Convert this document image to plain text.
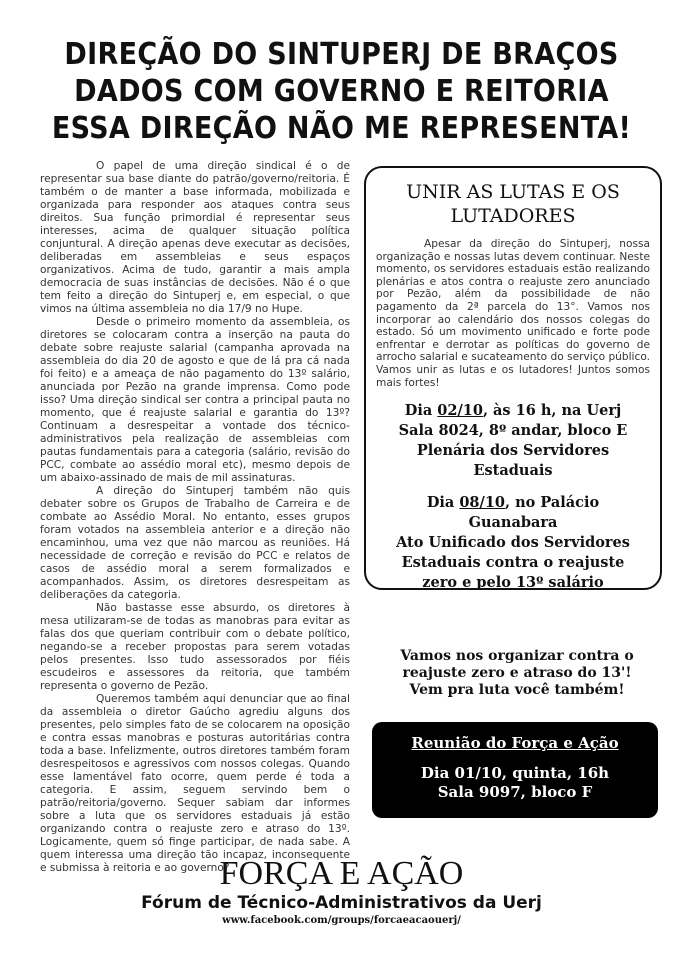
DIREÇÃO DO SINTUPERJ DE BRAÇOS
DADOS COM GOVERNO E REITORIA
ESSA DIREÇÃO NÃO ME REPRESENTA!

O papel de uma direção sindical é o de representar sua base diante do patrão/governo/reitoria. É também o de manter a base informada, mobilizada e organizada para responder aos ataques contra seus direitos. Sua função primordial é representar seus interesses, acima de qualquer situação política conjuntural. A direção apenas deve executar as decisões, deliberadas em assembleias e seus espaços organizativos. Acima de tudo, garantir a mais ampla democracia de suas instâncias de decisões. Não é o que tem feito a direção do Sintuperj e, em especial, o que vimos na última assembleia no dia 17/9 no Hupe.

Desde o primeiro momento da assembleia, os diretores se colocaram contra a inserção na pauta do debate sobre reajuste salarial (campanha aprovada na assembleia do dia 20 de agosto e que de lá pra cá nada foi feito) e a ameaça de não pagamento do 13º salário, anunciada por Pezão na grande imprensa. Como pode isso? Uma direção sindical ser contra a principal pauta no momento, que é reajuste salarial e garantia do 13º? Continuam a desrespeitar a vontade dos técnico-administrativos pela realização de assembleias com pautas fundamentais para a categoria (salário, revisão do PCC, combate ao assédio moral etc), mesmo depois de um abaixo-assinado de mais de mil assinaturas.

A direção do Sintuperj também não quis debater sobre os Grupos de Trabalho de Carreira e de combate ao Assédio Moral. No entanto, esses grupos foram votados na assembleia anterior e a direção não encaminhou, uma vez que não marcou as reuniões. Há necessidade de correção e revisão do PCC e relatos de casos de assédio moral a serem formalizados e acompanhados. Assim, os diretores desrespeitam as deliberações da categoria.

Não bastasse esse absurdo, os diretores à mesa utilizaram-se de todas as manobras para evitar as falas dos que queriam contribuir com o debate político, negando-se a receber propostas para serem votadas pelos presentes. Isso tudo assessorados por fiéis escudeiros e assessores da reitoria, que também representa o governo de Pezão.

Queremos também aqui denunciar que ao final da assembleia o diretor Gaúcho agrediu alguns dos presentes, pelo simples fato de se colocarem na oposição e contra essas manobras e posturas autoritárias contra toda a base. Infelizmente, outros diretores também foram desrespeitosos e agressivos com nossos colegas. Quando esse lamentável fato ocorre, quem perde é toda a categoria. E assim, seguem servindo bem o patrão/reitoria/governo. Sequer sabiam dar informes sobre a luta que os servidores estaduais já estão organizando contra o reajuste zero e atraso do 13º. Logicamente, quem só finge participar, de nada sabe. A quem interessa uma direção tão incapaz, inconsequente e submissa à reitoria e ao governo?

UNIR AS LUTAS E OS LUTADORES

Apesar da direção do Sintuperj, nossa organização e nossas lutas devem continuar. Neste momento, os servidores estaduais estão realizando plenárias e atos contra o reajuste zero anunciado por Pezão, além da possibilidade de não pagamento da 2ª parcela do 13°. Vamos nos incorporar ao calendário dos nossos colegas do estado. Só um movimento unificado e forte pode enfrentar e derrotar as políticas do governo de arrocho salarial e sucateamento do serviço público. Vamos unir as lutas e os lutadores! Juntos somos mais fortes!

Dia 02/10, às 16 h, na Uerj
Sala 8024, 8º andar, bloco E
Plenária dos Servidores
Estaduais
Dia 08/10, no Palácio
Guanabara
Ato Unificado dos Servidores
Estaduais contra o reajuste
zero e pelo 13º salário
Vamos nos organizar contra o
reajuste zero e atraso do 13'!
Vem pra luta você também!
Reunião do Força e Ação
Dia 01/10, quinta, 16h
Sala 9097, bloco F
FORÇA E AÇÃO
Fórum de Técnico-Administrativos da Uerj
www.facebook.com/groups/forcaeacaouerj/
